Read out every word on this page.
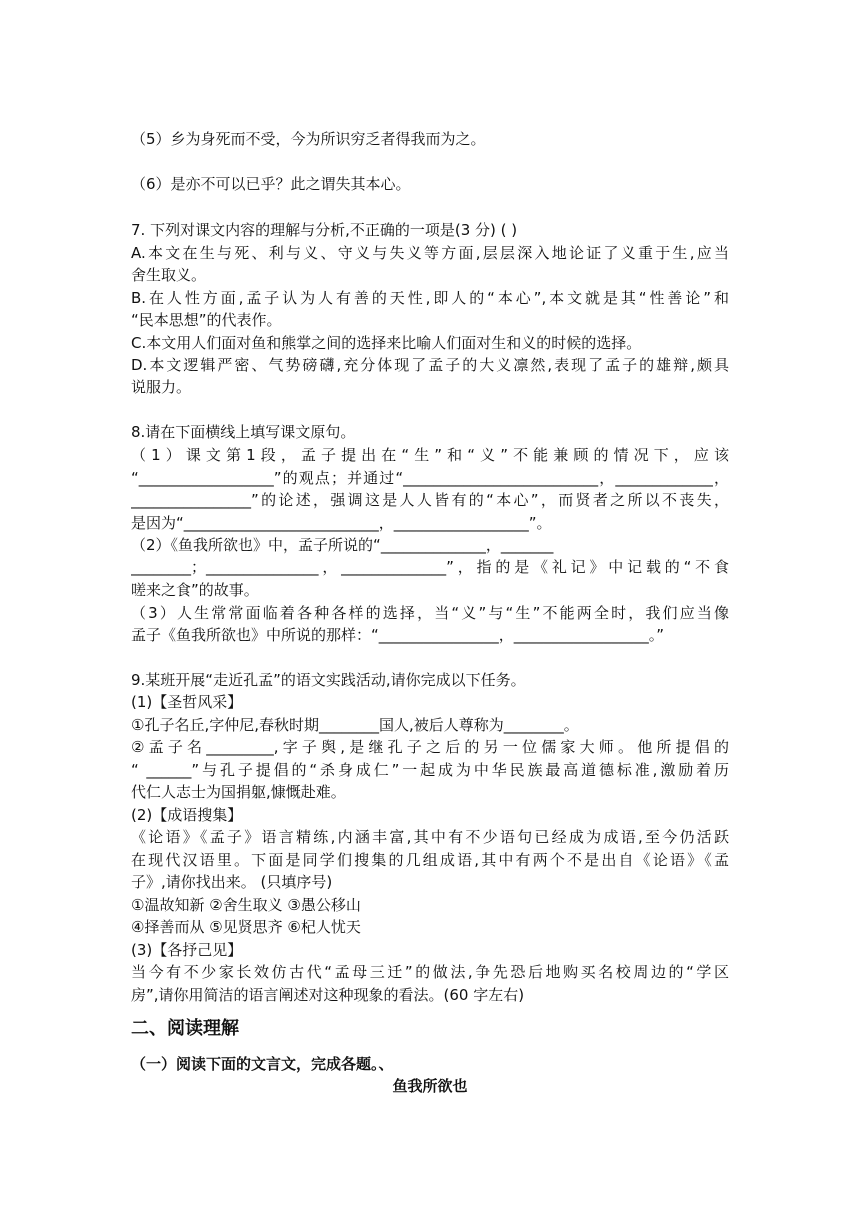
（5）乡为身死而不受，今为所识穷乏者得我而为之。
（6）是亦不可以已乎？此之谓失其本心。
7. 下列对课文内容的理解与分析,不正确的一项是(3 分) ( )
A.本文在生与死、利与义、守义与失义等方面,层层深入地论证了义重于生,应当
舍生取义。
B.在人性方面,孟子认为人有善的天性,即人的“本心”,本文就是其“性善论”和
“民本思想”的代表作。
C.本文用人们面对鱼和熊掌之间的选择来比喻人们面对生和义的时候的选择。
D.本文逻辑严密、气势磅礴,充分体现了孟子的大义凛然,表现了孟子的雄辩,颇具
说服力。
8.请在下面横线上填写课文原句。
（1）课文第1段，孟子提出在“生”和“义”不能兼顾的情况下，应该
“__________________”的观点；并通过“__________________________，_____________，
________________”的论述，强调这是人人皆有的“本心”，而贤者之所以不丧失，
是因为“__________________________，__________________”。
（2）《鱼我所欲也》中，孟子所说的“______________，_______
________；_______________，______________”，指的是《礼记》中记载的“不食
嗟来之食”的故事。
（3）人生常常面临着各种各样的选择，当“义”与“生”不能两全时，我们应当像
孟子《鱼我所欲也》中所说的那样：“________________，__________________。”
9.某班开展“走近孔孟”的语文实践活动,请你完成以下任务。
(1)【圣哲风采】
①孔子名丘,字仲尼,春秋时期________国人,被后人尊称为________。
②孟子名_________,字子舆,是继孔子之后的另一位儒家大师。他所提倡的
“ ______”与孔子提倡的“杀身成仁”一起成为中华民族最高道德标准,激励着历
代仁人志士为国捐躯,慷慨赴难。
(2)【成语搜集】
《论语》《孟子》语言精练,内涵丰富,其中有不少语句已经成为成语,至今仍活跃
在现代汉语里。下面是同学们搜集的几组成语,其中有两个不是出自《论语》《孟
子》,请你找出来。 (只填序号)
①温故知新 ②舍生取义 ③愚公移山
④择善而从 ⑤见贤思齐 ⑥杞人忧天
(3)【各抒己见】
当今有不少家长效仿古代“孟母三迁”的做法,争先恐后地购买名校周边的“学区
房”,请你用简洁的语言阐述对这种现象的看法。(60 字左右)
二、阅读理解
（一）阅读下面的文言文，完成各题。、
鱼我所欲也
